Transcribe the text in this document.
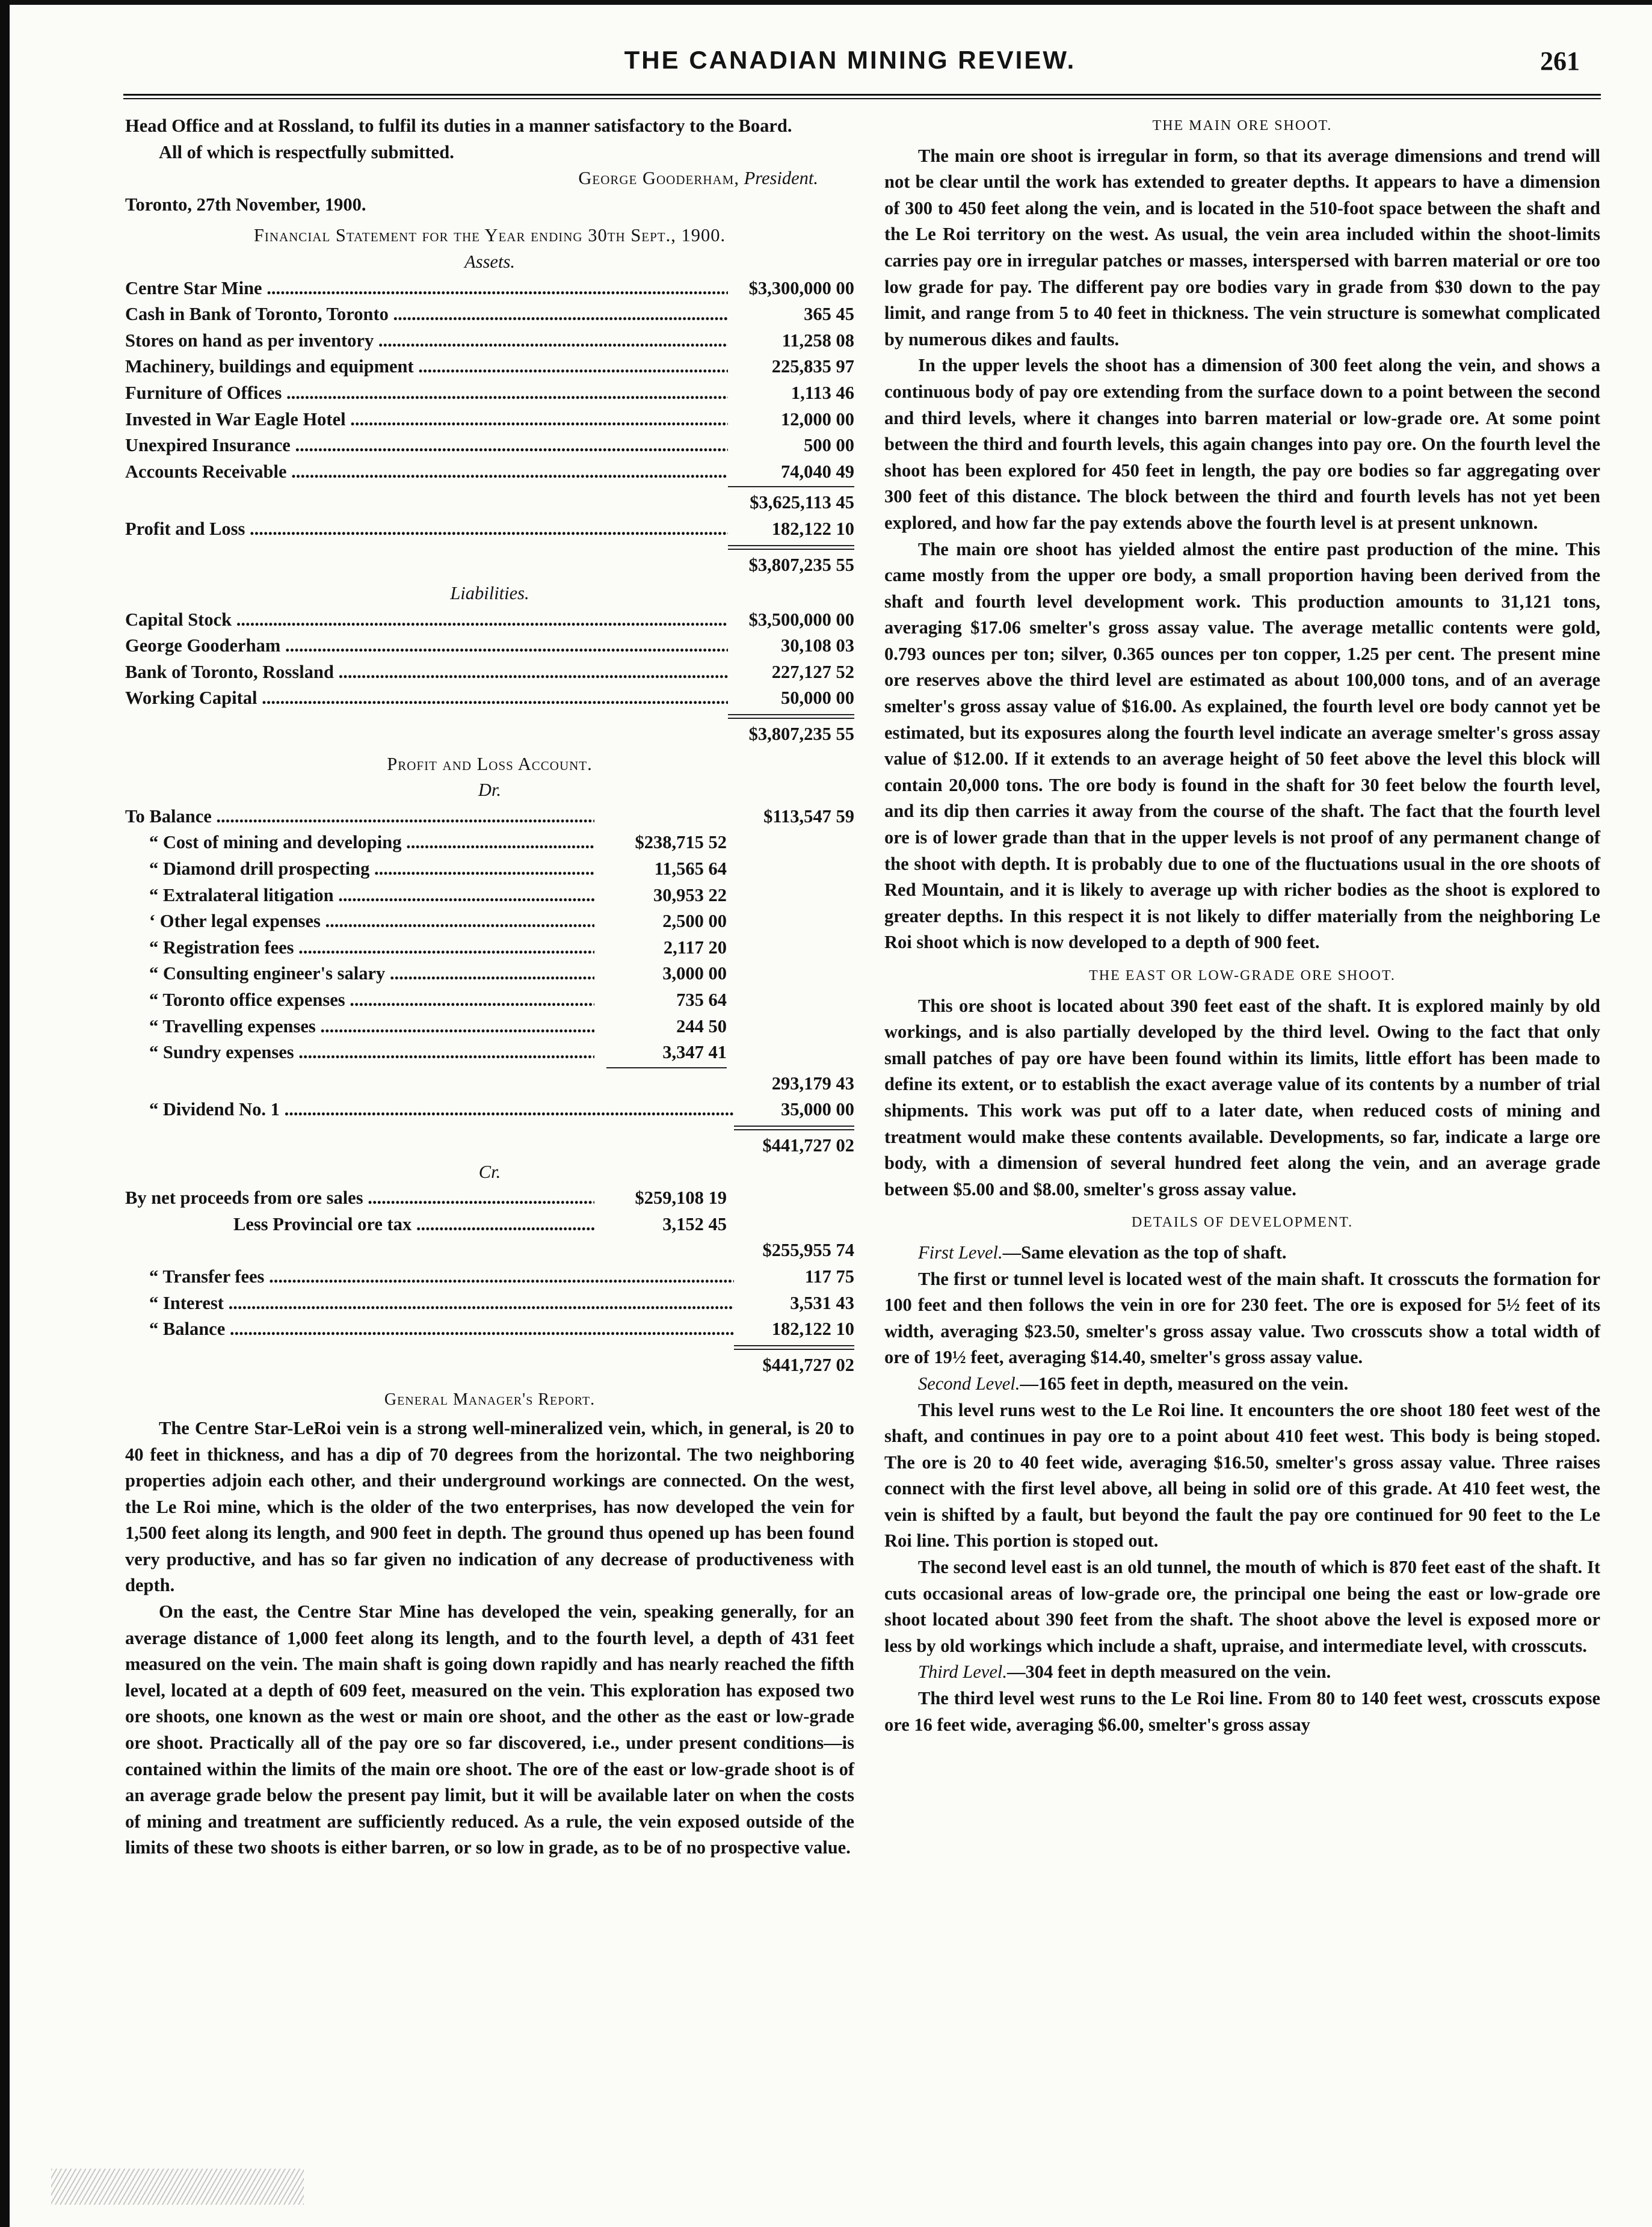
THE CANADIAN MINING REVIEW.	261

Head Office and at Rossland, to fulfil its duties in a manner satisfactory to the Board.

All of which is respectfully submitted.

George Gooderham, President.

Toronto, 27th November, 1900.

Financial Statement for the Year ending 30th Sept., 1900.
Assets.
Centre Star Mine .....	$3,300,000 00
Cash in Bank of Toronto, Toronto .....	365 45
Stores on hand as per inventory .....	11,258 08
Machinery, buildings and equipment .....	225,835 97
Furniture of Offices .....	1,113 46
Invested in War Eagle Hotel .....	12,000 00
Unexpired Insurance .....	500 00
Accounts Receivable .....	74,040 49
$3,625,113 45
Profit and Loss .....	182,122 10
$3,807,235 55
Liabilities.
Capital Stock .....	$3,500,000 00
George Gooderham .....	30,108 03
Bank of Toronto, Rossland .....	227,127 52
Working Capital .....	50,000 00
$3,807,235 55
Profit and Loss Account.
Dr.
To Balance .....	$113,547 59
“ Cost of mining and developing .....	$238,715 52
“ Diamond drill prospecting .....	11,565 64
“ Extralateral litigation .....	30,953 22
‘ Other legal expenses .....	2,500 00
“ Registration fees .....	2,117 20
“ Consulting engineer's salary .....	3,000 00
“ Toronto office expenses .....	735 64
“ Travelling expenses .....	244 50
“ Sundry expenses .....	3,347 41
293,179 43
“ Dividend No. 1 .....	35,000 00
$441,727 02
Cr.
By net proceeds from ore sales .....	$259,108 19
Less Provincial ore tax .....	3,152 45
$255,955 74
“ Transfer fees .....	117 75
“ Interest .....	3,531 43
“ Balance .....	182,122 10
$441,727 02
General Manager's Report.

The Centre Star-LeRoi vein is a strong well-mineralized vein, which, in general, is 20 to 40 feet in thickness, and has a dip of 70 degrees from the horizontal. The two neighboring properties adjoin each other, and their underground workings are connected. On the west, the Le Roi mine, which is the older of the two enterprises, has now developed the vein for 1,500 feet along its length, and 900 feet in depth. The ground thus opened up has been found very productive, and has so far given no indication of any decrease of productiveness with depth.

On the east, the Centre Star Mine has developed the vein, speaking generally, for an average distance of 1,000 feet along its length, and to the fourth level, a depth of 431 feet measured on the vein. The main shaft is going down rapidly and has nearly reached the fifth level, located at a depth of 609 feet, measured on the vein. This exploration has exposed two ore shoots, one known as the west or main ore shoot, and the other as the east or low-grade ore shoot. Practically all of the pay ore so far discovered, i.e., under present conditions—is contained within the limits of the main ore shoot. The ore of the east or low-grade shoot is of an average grade below the present pay limit, but it will be available later on when the costs of mining and treatment are sufficiently reduced. As a rule, the vein exposed outside of the limits of these two shoots is either barren, or so low in grade, as to be of no prospective value.

THE MAIN ORE SHOOT.

The main ore shoot is irregular in form, so that its average dimensions and trend will not be clear until the work has extended to greater depths. It appears to have a dimension of 300 to 450 feet along the vein, and is located in the 510-foot space between the shaft and the Le Roi territory on the west. As usual, the vein area included within the shoot-limits carries pay ore in irregular patches or masses, interspersed with barren material or ore too low grade for pay. The different pay ore bodies vary in grade from $30 down to the pay limit, and range from 5 to 40 feet in thickness. The vein structure is somewhat complicated by numerous dikes and faults.

In the upper levels the shoot has a dimension of 300 feet along the vein, and shows a continuous body of pay ore extending from the surface down to a point between the second and third levels, where it changes into barren material or low-grade ore. At some point between the third and fourth levels, this again changes into pay ore. On the fourth level the shoot has been explored for 450 feet in length, the pay ore bodies so far aggregating over 300 feet of this distance. The block between the third and fourth levels has not yet been explored, and how far the pay extends above the fourth level is at present unknown.

The main ore shoot has yielded almost the entire past production of the mine. This came mostly from the upper ore body, a small proportion having been derived from the shaft and fourth level development work. This production amounts to 31,121 tons, averaging $17.06 smelter's gross assay value. The average metallic contents were gold, 0.793 ounces per ton; silver, 0.365 ounces per ton copper, 1.25 per cent. The present mine ore reserves above the third level are estimated as about 100,000 tons, and of an average smelter's gross assay value of $16.00. As explained, the fourth level ore body cannot yet be estimated, but its exposures along the fourth level indicate an average smelter's gross assay value of $12.00. If it extends to an average height of 50 feet above the level this block will contain 20,000 tons. The ore body is found in the shaft for 30 feet below the fourth level, and its dip then carries it away from the course of the shaft. The fact that the fourth level ore is of lower grade than that in the upper levels is not proof of any permanent change of the shoot with depth. It is probably due to one of the fluctuations usual in the ore shoots of Red Mountain, and it is likely to average up with richer bodies as the shoot is explored to greater depths. In this respect it is not likely to differ materially from the neighboring Le Roi shoot which is now developed to a depth of 900 feet.

THE EAST OR LOW-GRADE ORE SHOOT.

This ore shoot is located about 390 feet east of the shaft. It is explored mainly by old workings, and is also partially developed by the third level. Owing to the fact that only small patches of pay ore have been found within its limits, little effort has been made to define its extent, or to establish the exact average value of its contents by a number of trial shipments. This work was put off to a later date, when reduced costs of mining and treatment would make these contents available. Developments, so far, indicate a large ore body, with a dimension of several hundred feet along the vein, and an average grade between $5.00 and $8.00, smelter's gross assay value.

DETAILS OF DEVELOPMENT.

First Level.—Same elevation as the top of shaft.

The first or tunnel level is located west of the main shaft. It crosscuts the formation for 100 feet and then follows the vein in ore for 230 feet. The ore is exposed for 5½ feet of its width, averaging $23.50, smelter's gross assay value. Two crosscuts show a total width of ore of 19½ feet, averaging $14.40, smelter's gross assay value.

Second Level.—165 feet in depth, measured on the vein.

This level runs west to the Le Roi line. It encounters the ore shoot 180 feet west of the shaft, and continues in pay ore to a point about 410 feet west. This body is being stoped. The ore is 20 to 40 feet wide, averaging $16.50, smelter's gross assay value. Three raises connect with the first level above, all being in solid ore of this grade. At 410 feet west, the vein is shifted by a fault, but beyond the fault the pay ore continued for 90 feet to the Le Roi line. This portion is stoped out.

The second level east is an old tunnel, the mouth of which is 870 feet east of the shaft. It cuts occasional areas of low-grade ore, the principal one being the east or low-grade ore shoot located about 390 feet from the shaft. The shoot above the level is exposed more or less by old workings which include a shaft, upraise, and intermediate level, with crosscuts.

Third Level.—304 feet in depth measured on the vein.

The third level west runs to the Le Roi line. From 80 to 140 feet west, crosscuts expose ore 16 feet wide, averaging $6.00, smelter's gross assay
